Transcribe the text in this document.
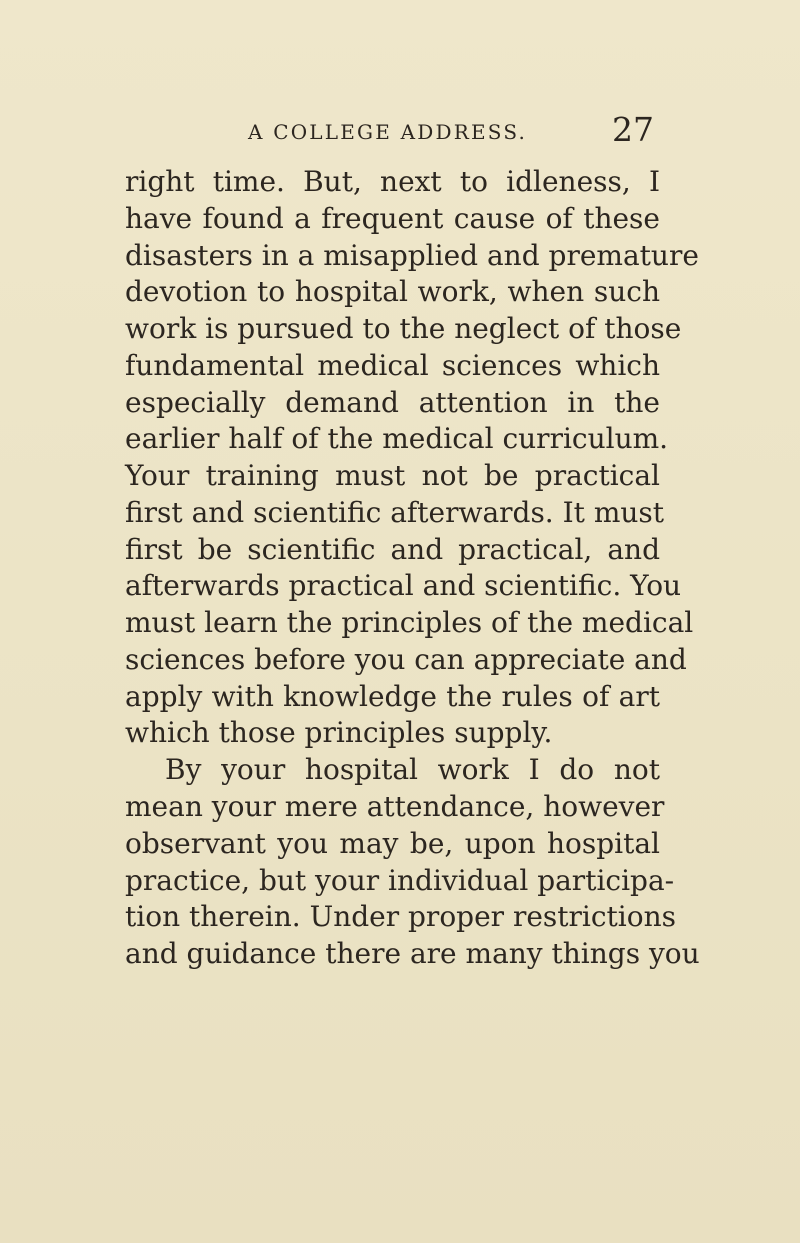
A COLLEGE ADDRESS.	27
right time. But, next to idleness, I
have found a frequent cause of these
disasters in a misapplied and premature
devotion to hospital work, when such
work is pursued to the neglect of those
fundamental medical sciences which
especially demand attention in the
earlier half of the medical curriculum.
Your training must not be practical
first and scientific afterwards. It must
first be scientific and practical, and
afterwards practical and scientific. You
must learn the principles of the medical
sciences before you can appreciate and
apply with knowledge the rules of art
which those principles supply.
By your hospital work I do not
mean your mere attendance, however
observant you may be, upon hospital
practice, but your individual participa-
tion therein. Under proper restrictions
and guidance there are many things you
